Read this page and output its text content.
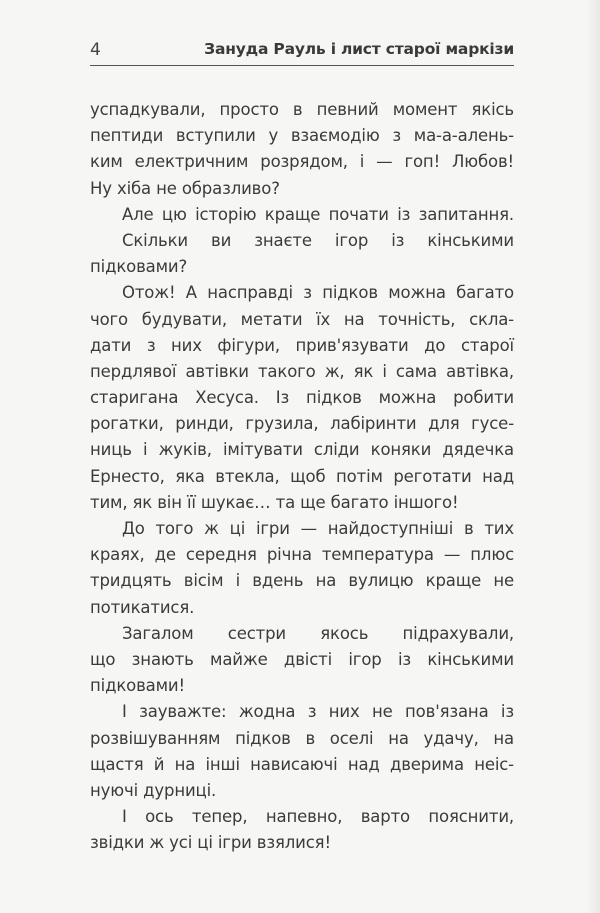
4	Зануда Рауль і лист старої маркізи
успадкували, просто в певний момент якісь
пептиди вступили у взаємодію з ма-а-алень-
ким електричним розрядом, і — гоп! Любов!
Ну хіба не образливо?
Але цю історію краще почати із запитання.
Скільки ви знаєте ігор із кінськими
підковами?
Отож! А насправді з підков можна багато
чого будувати, метати їх на точність, скла-
дати з них фігури, прив'язувати до старої
пердлявої автівки такого ж, як і сама автівка,
старигана Хесуса. Із підков можна робити
рогатки, ринди, грузила, лабіринти для гусе-
ниць і жуків, імітувати сліди коняки дядечка
Ернесто, яка втекла, щоб потім реготати над
тим, як він її шукає… та ще багато іншого!
До того ж ці ігри — найдоступніші в тих
краях, де середня річна температура — плюс
тридцять вісім і вдень на вулицю краще не
потикатися.
Загалом сестри якось підрахували,
що знають майже двісті ігор із кінськими
підковами!
І зауважте: жодна з них не пов'язана із
розвішуванням підков в оселі на удачу, на
щастя й на інші нависаючі над дверима неіс-
нуючі дурниці.
І ось тепер, напевно, варто пояснити,
звідки ж усі ці ігри взялися!
